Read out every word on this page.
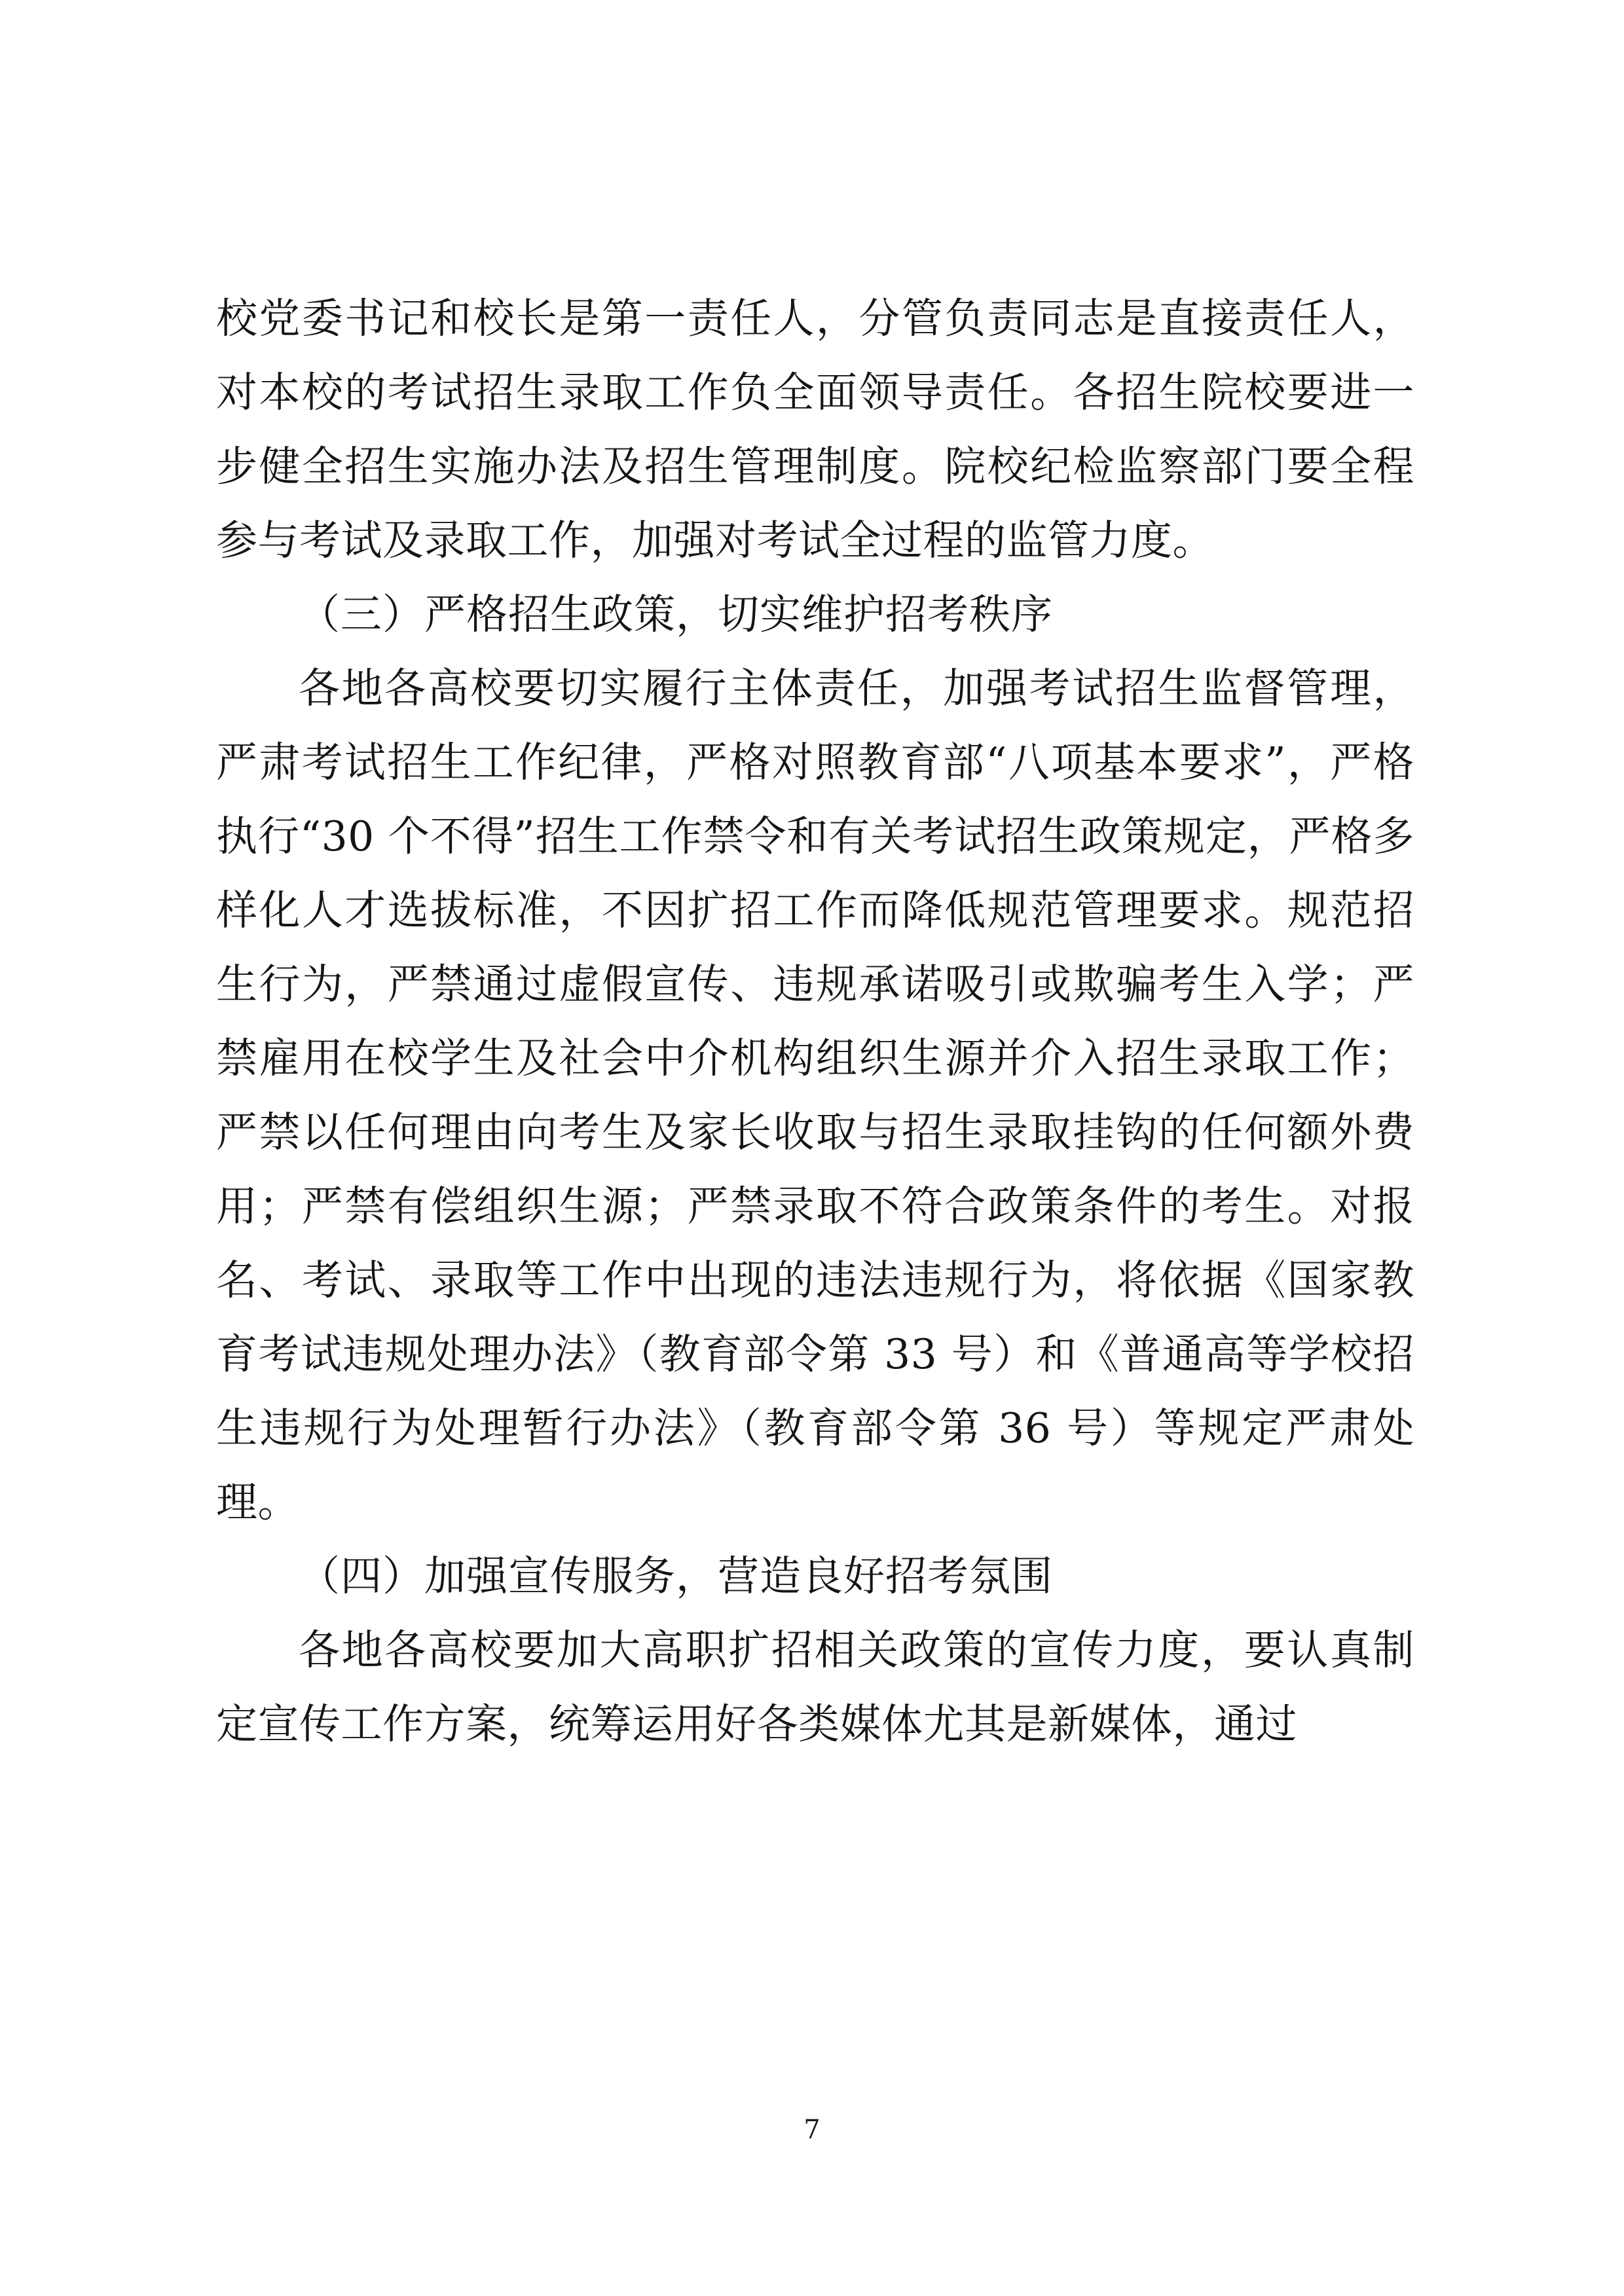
校党委书记和校长是第一责任人，分管负责同志是直接责任人，对本校的考试招生录取工作负全面领导责任。各招生院校要进一步健全招生实施办法及招生管理制度。院校纪检监察部门要全程参与考试及录取工作，加强对考试全过程的监管力度。

（三）严格招生政策，切实维护招考秩序

各地各高校要切实履行主体责任，加强考试招生监督管理，严肃考试招生工作纪律，严格对照教育部“八项基本要求”，严格执行“30 个不得”招生工作禁令和有关考试招生政策规定，严格多样化人才选拔标准，不因扩招工作而降低规范管理要求。规范招生行为，严禁通过虚假宣传、违规承诺吸引或欺骗考生入学；严禁雇用在校学生及社会中介机构组织生源并介入招生录取工作；严禁以任何理由向考生及家长收取与招生录取挂钩的任何额外费用；严禁有偿组织生源；严禁录取不符合政策条件的考生。对报名、考试、录取等工作中出现的违法违规行为，将依据《国家教育考试违规处理办法》（教育部令第 33 号）和《普通高等学校招生违规行为处理暂行办法》（教育部令第 36 号）等规定严肃处理。

（四）加强宣传服务，营造良好招考氛围

各地各高校要加大高职扩招相关政策的宣传力度，要认真制定宣传工作方案，统筹运用好各类媒体尤其是新媒体，通过

7
